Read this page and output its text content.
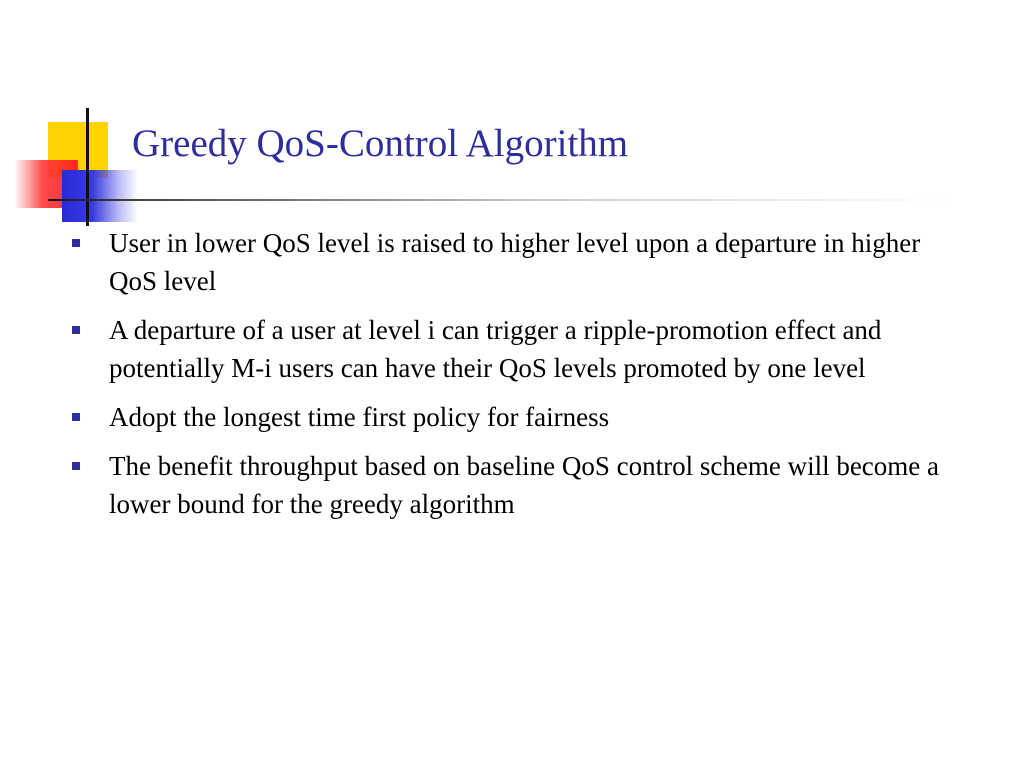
Greedy QoS-Control Algorithm
User in lower QoS level is raised to higher level upon a departure in higher QoS level
A departure of a user at level i can trigger a ripple-promotion effect and potentially M-i users can have their QoS levels promoted by one level
Adopt the longest time first policy for fairness
The benefit throughput based on baseline QoS control scheme will become a lower bound for the greedy algorithm
